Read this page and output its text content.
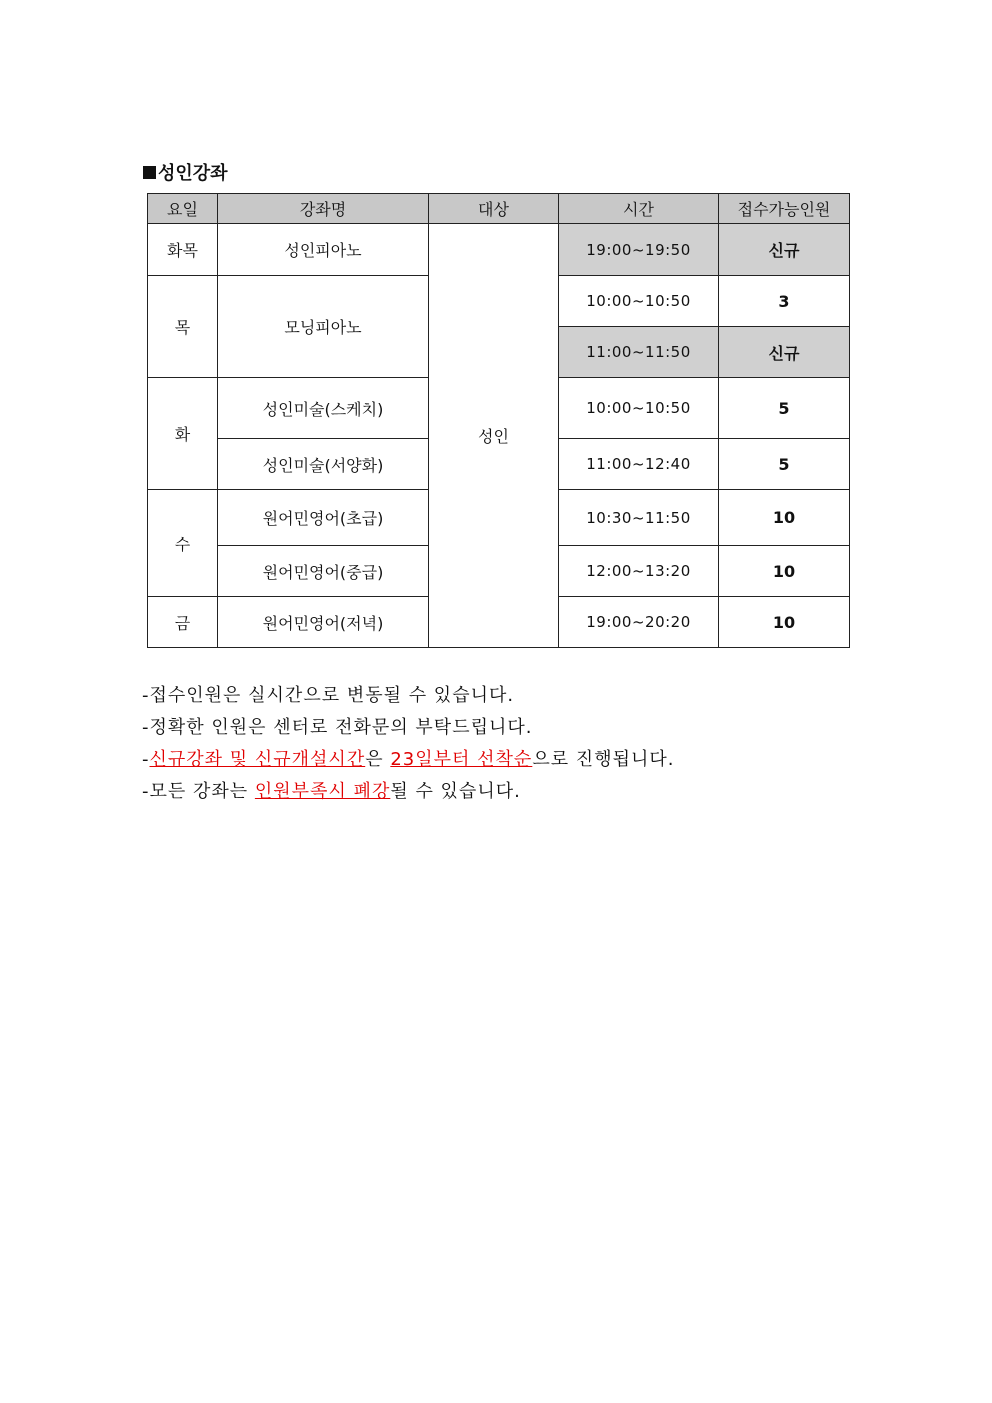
성인강좌
요일	강좌명	대상	시간	접수가능인원
화목	성인피아노	성인	19:00~19:50	신규
목	모닝피아노		10:00~10:50	3
			11:00~11:50	신규
화	성인미술(스케치)		10:00~10:50	5
	성인미술(서양화)		11:00~12:40	5
수	원어민영어(초급)		10:30~11:50	10
	원어민영어(중급)		12:00~13:20	10
금	원어민영어(저녁)		19:00~20:20	10
-접수인원은 실시간으로 변동될 수 있습니다.
-정확한 인원은 센터로 전화문의 부탁드립니다.
-신규강좌 및 신규개설시간은 23일부터 선착순으로 진행됩니다.
-모든 강좌는 인원부족시 폐강될 수 있습니다.
